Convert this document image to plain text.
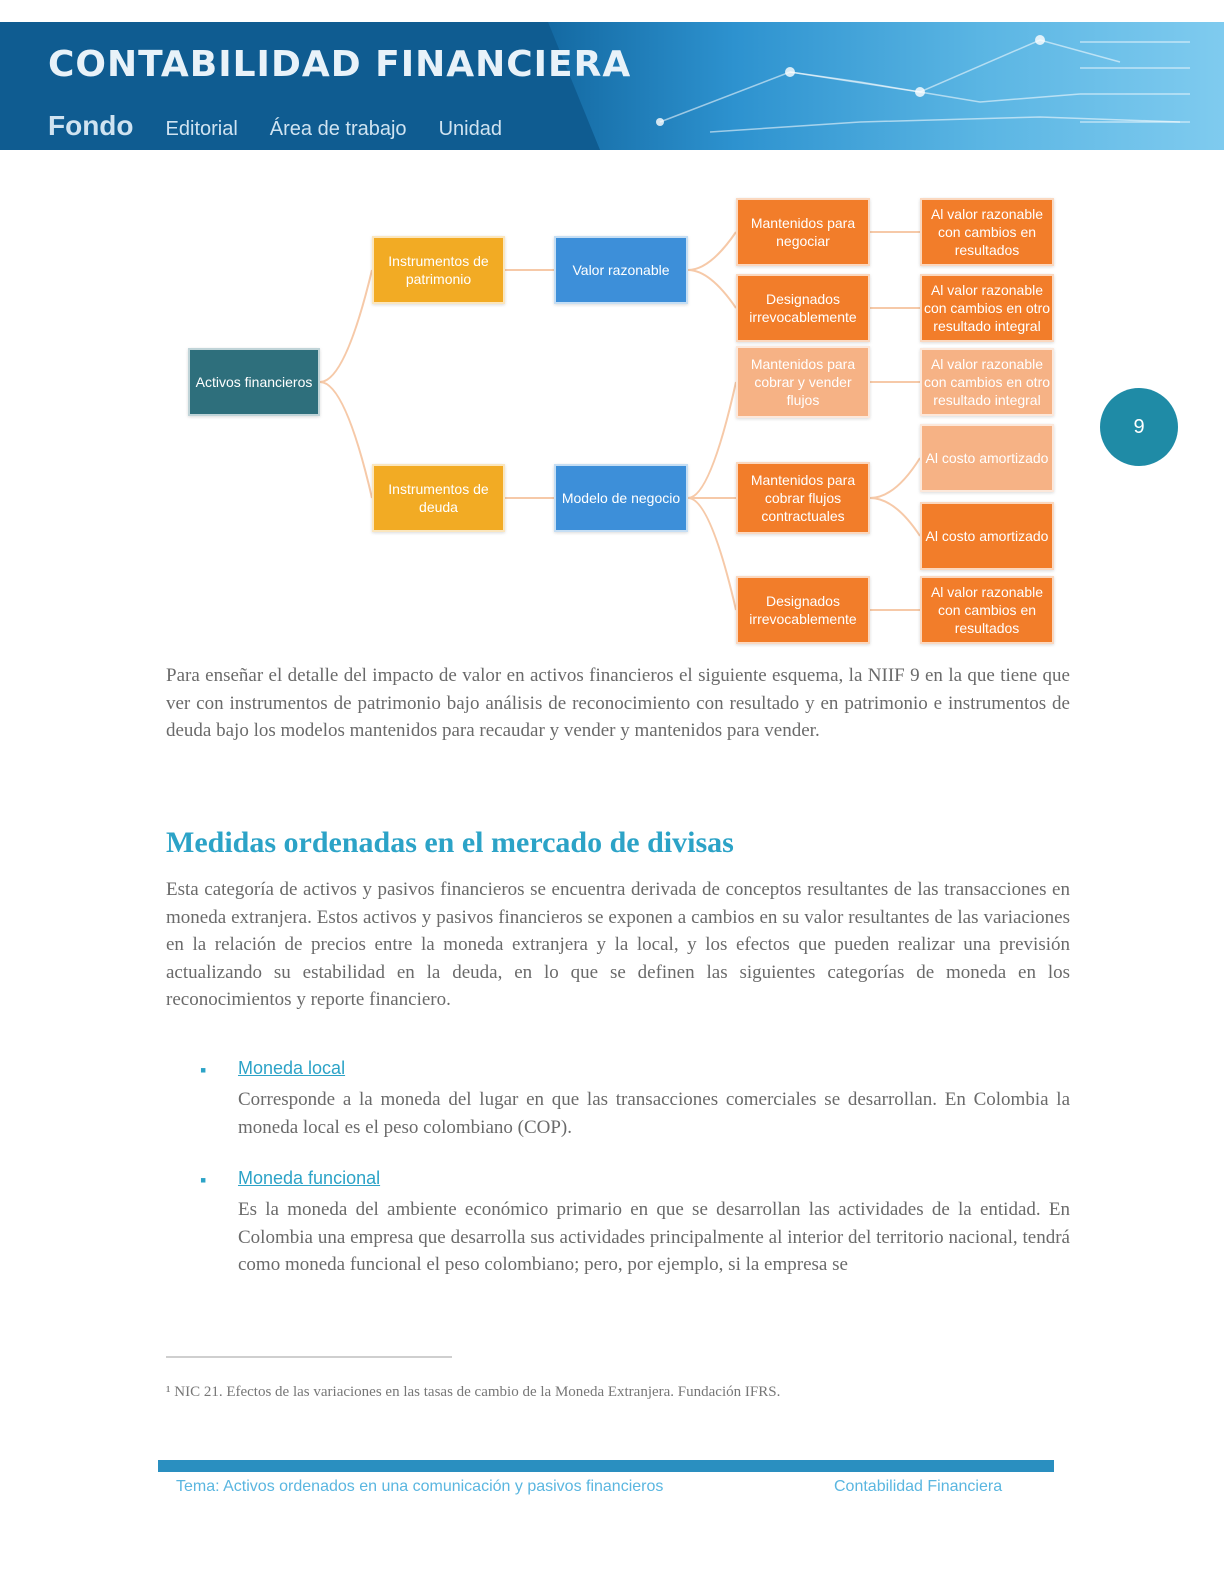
CONTABILIDAD FINANCIERA
Fondo Editorial Área de trabajo Unidad
Activos financieros
Instrumentos de patrimonio
Instrumentos de deuda
Valor razonable
Modelo de negocio
Mantenidos para negociar
Designados irrevocablemente
Mantenidos para cobrar y vender flujos
Mantenidos para cobrar flujos contractuales
Designados irrevocablemente
Al valor razonable con cambios en resultados
Al valor razonable con cambios en otro resultado integral
Al valor razonable con cambios en otro resultado integral
Al costo amortizado
Al costo amortizado
Al valor razonable con cambios en resultados
9

Para enseñar el detalle del impacto de valor en activos financieros el siguiente esquema, la NIIF 9 en la que tiene que ver con instrumentos de patrimonio bajo análisis de reconocimiento con resultado y en patrimonio e instrumentos de deuda bajo los modelos mantenidos para recaudar y vender y mantenidos para vender.

Medidas ordenadas en el mercado de divisas

Esta categoría de activos y pasivos financieros se encuentra derivada de conceptos resultantes de las transacciones en moneda extranjera. Estos activos y pasivos financieros se exponen a cambios en su valor resultantes de las variaciones en la relación de precios entre la moneda extranjera y la local, y los efectos que pueden realizar una previsión actualizando su estabilidad en la deuda, en lo que se definen las siguientes categorías de moneda en los reconocimientos y reporte financiero.

▪ Moneda local

Corresponde a la moneda del lugar en que las transacciones comerciales se desarrollan. En Colombia la moneda local es el peso colombiano (COP).

▪ Moneda funcional

Es la moneda del ambiente económico primario en que se desarrollan las actividades de la entidad. En Colombia una empresa que desarrolla sus actividades principalmente al interior del territorio nacional, tendrá como moneda funcional el peso colombiano; pero, por ejemplo, si la empresa se

¹ NIC 21. Efectos de las variaciones en las tasas de cambio de la Moneda Extranjera. Fundación IFRS.

Tema: Activos ordenados en una comunicación y pasivos financieros	Contabilidad Financiera
